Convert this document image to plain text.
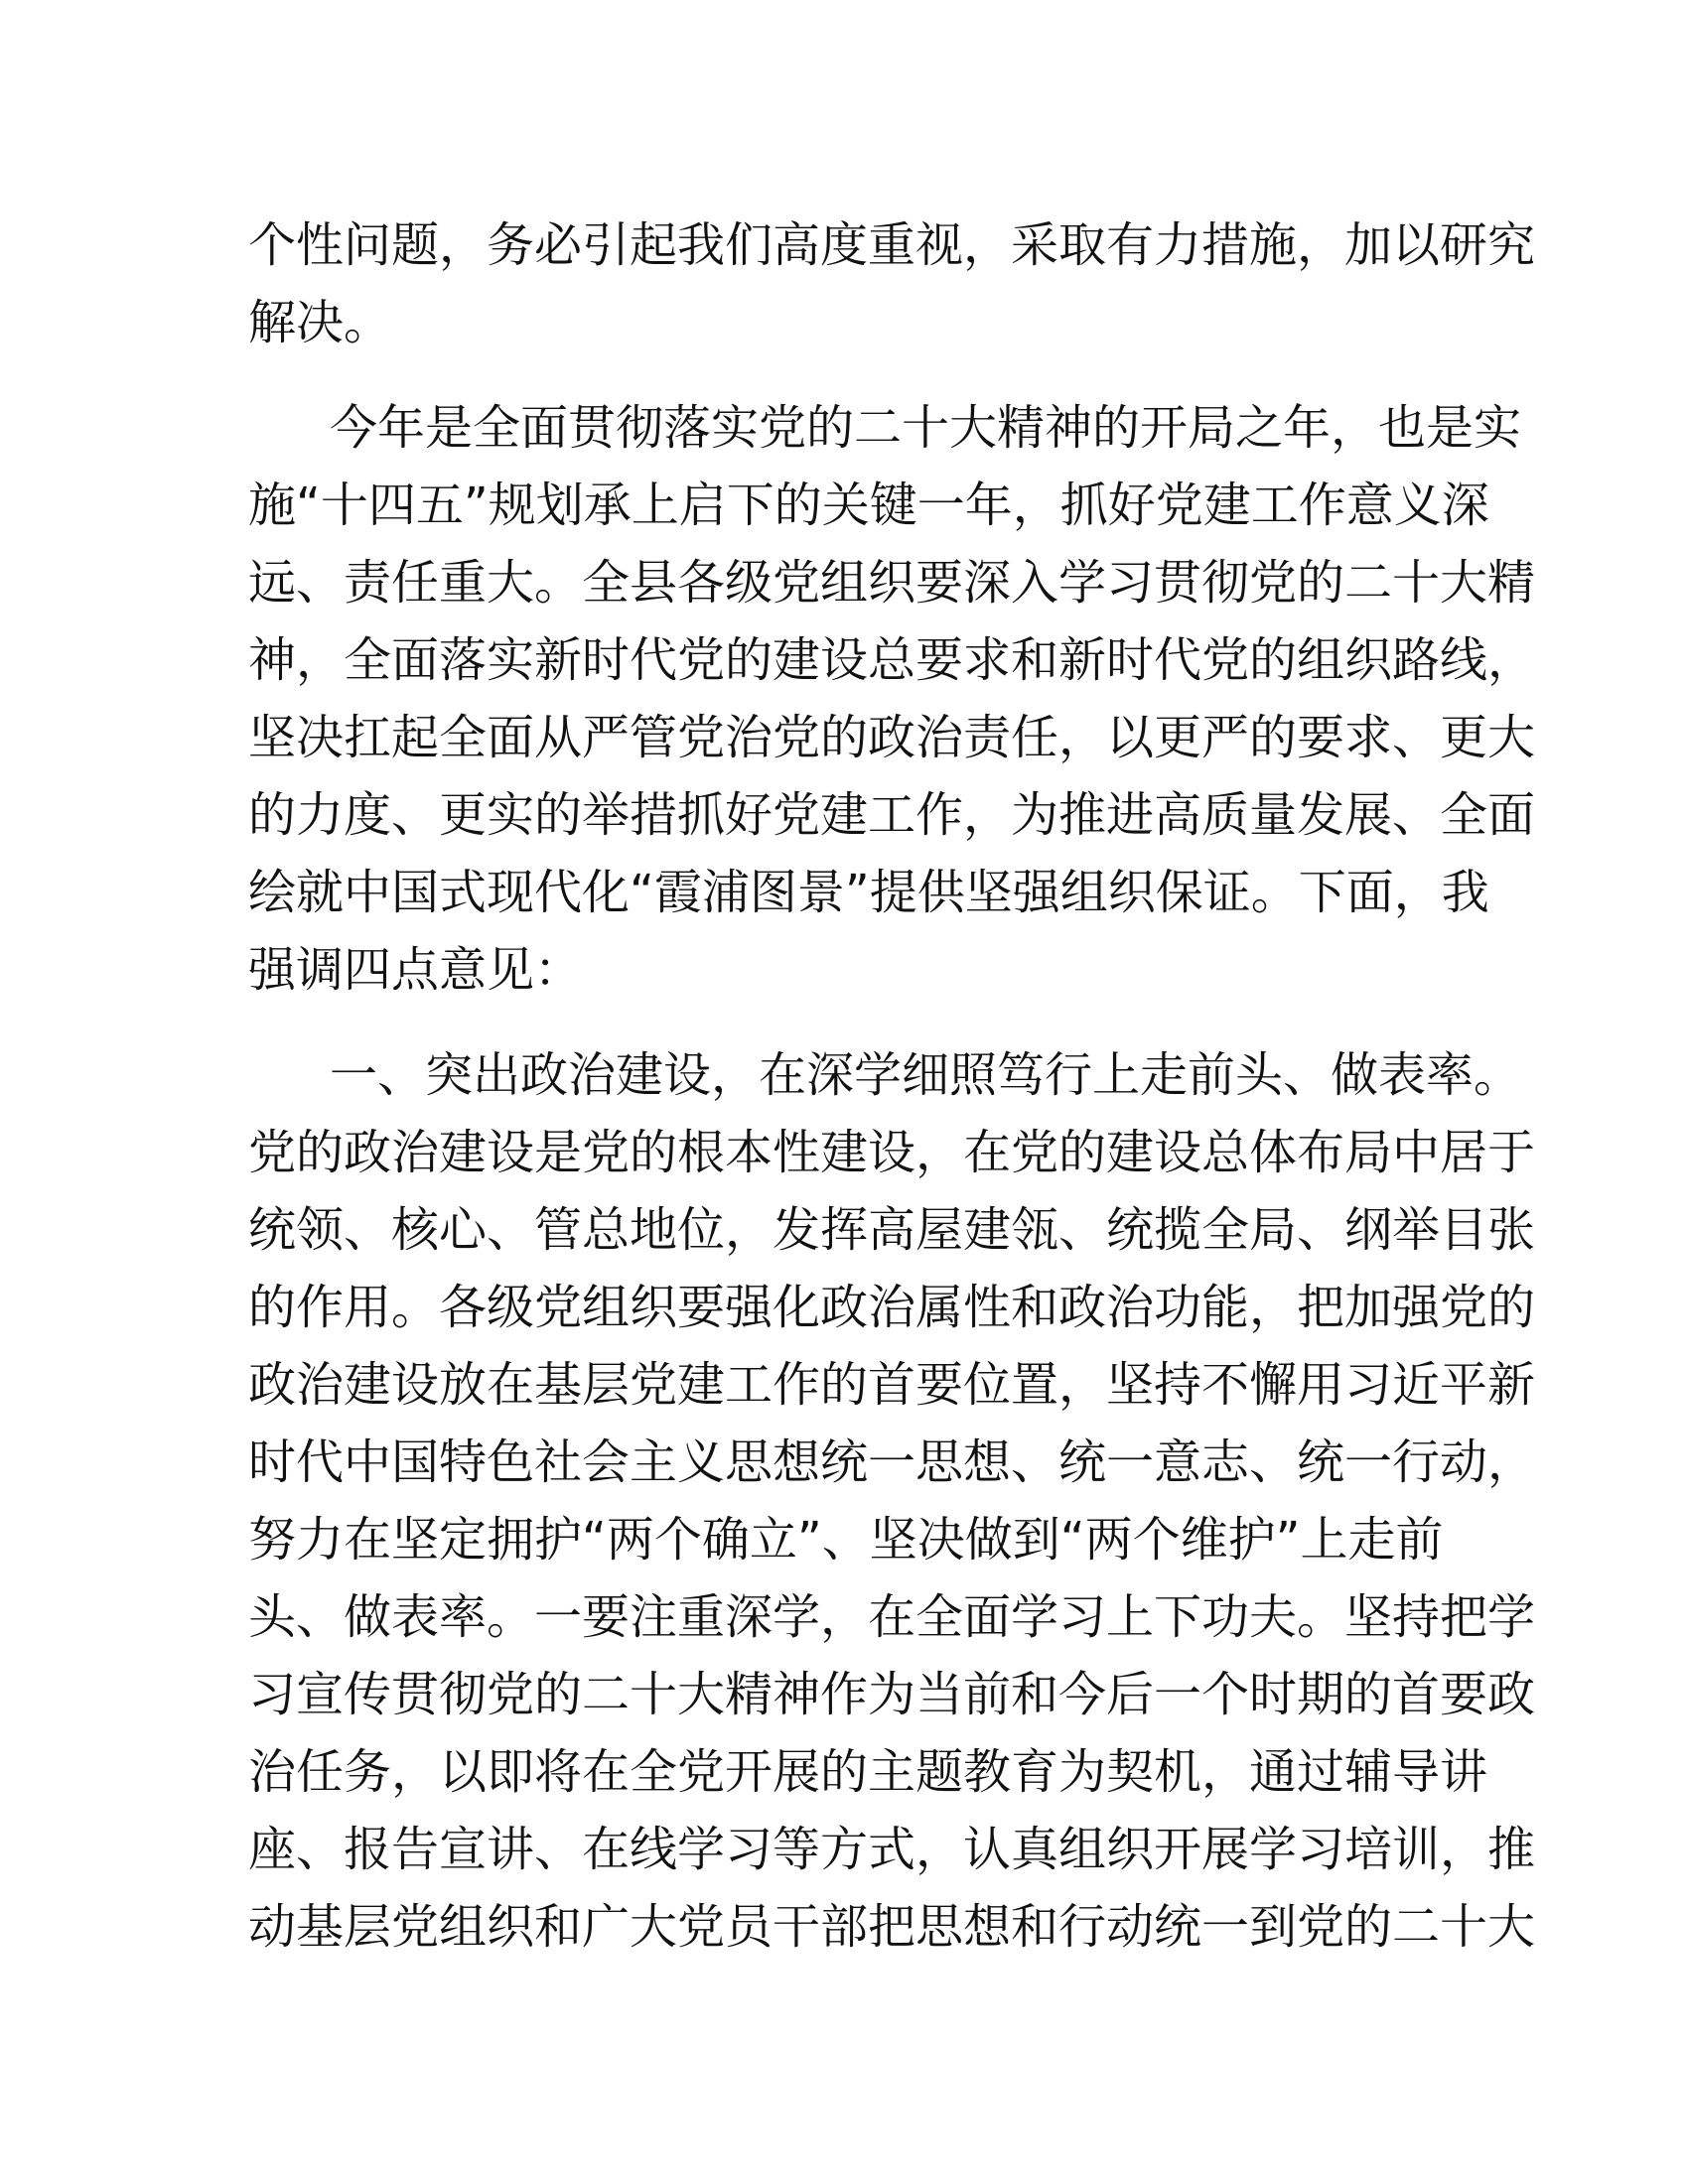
个性问题，务必引起我们高度重视，采取有力措施，加以研究
解决。
今年是全面贯彻落实党的二十大精神的开局之年，也是实
施“十四五”规划承上启下的关键一年，抓好党建工作意义深
远、责任重大。全县各级党组织要深入学习贯彻党的二十大精
神，全面落实新时代党的建设总要求和新时代党的组织路线，
坚决扛起全面从严管党治党的政治责任，以更严的要求、更大
的力度、更实的举措抓好党建工作，为推进高质量发展、全面
绘就中国式现代化“霞浦图景”提供坚强组织保证。下面，我
强调四点意见：
一、突出政治建设，在深学细照笃行上走前头、做表率。
党的政治建设是党的根本性建设，在党的建设总体布局中居于
统领、核心、管总地位，发挥高屋建瓴、统揽全局、纲举目张
的作用。各级党组织要强化政治属性和政治功能，把加强党的
政治建设放在基层党建工作的首要位置，坚持不懈用习近平新
时代中国特色社会主义思想统一思想、统一意志、统一行动，
努力在坚定拥护“两个确立”、坚决做到“两个维护”上走前
头、做表率。一要注重深学，在全面学习上下功夫。坚持把学
习宣传贯彻党的二十大精神作为当前和今后一个时期的首要政
治任务，以即将在全党开展的主题教育为契机，通过辅导讲
座、报告宣讲、在线学习等方式，认真组织开展学习培训，推
动基层党组织和广大党员干部把思想和行动统一到党的二十大
